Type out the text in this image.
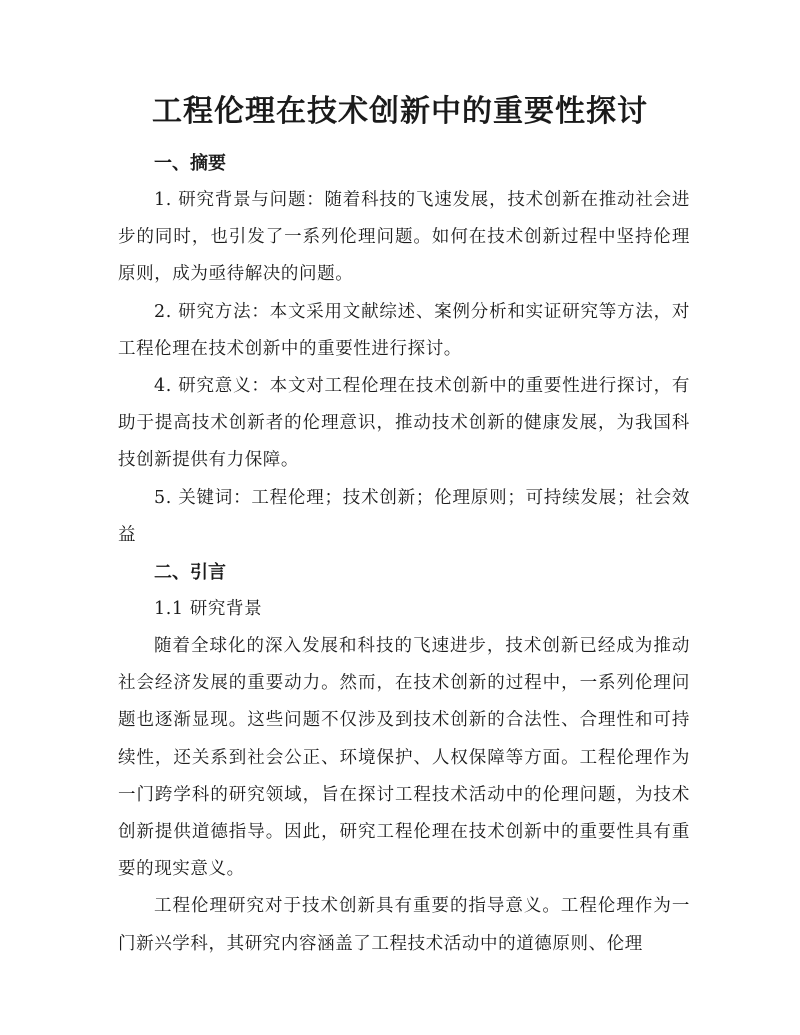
工程伦理在技术创新中的重要性探讨
一、摘要

1. 研究背景与问题：随着科技的飞速发展，技术创新在推动社会进步的同时，也引发了一系列伦理问题。如何在技术创新过程中坚持伦理原则，成为亟待解决的问题。

2. 研究方法：本文采用文献综述、案例分析和实证研究等方法，对工程伦理在技术创新中的重要性进行探讨。

4. 研究意义：本文对工程伦理在技术创新中的重要性进行探讨，有助于提高技术创新者的伦理意识，推动技术创新的健康发展，为我国科技创新提供有力保障。

5. 关键词：工程伦理；技术创新；伦理原则；可持续发展；社会效益

二、引言
1.1 研究背景

随着全球化的深入发展和科技的飞速进步，技术创新已经成为推动社会经济发展的重要动力。然而，在技术创新的过程中，一系列伦理问题也逐渐显现。这些问题不仅涉及到技术创新的合法性、合理性和可持续性，还关系到社会公正、环境保护、人权保障等方面。工程伦理作为一门跨学科的研究领域，旨在探讨工程技术活动中的伦理问题，为技术创新提供道德指导。因此，研究工程伦理在技术创新中的重要性具有重要的现实意义。

工程伦理研究对于技术创新具有重要的指导意义。工程伦理作为一门新兴学科，其研究内容涵盖了工程技术活动中的道德原则、伦理
